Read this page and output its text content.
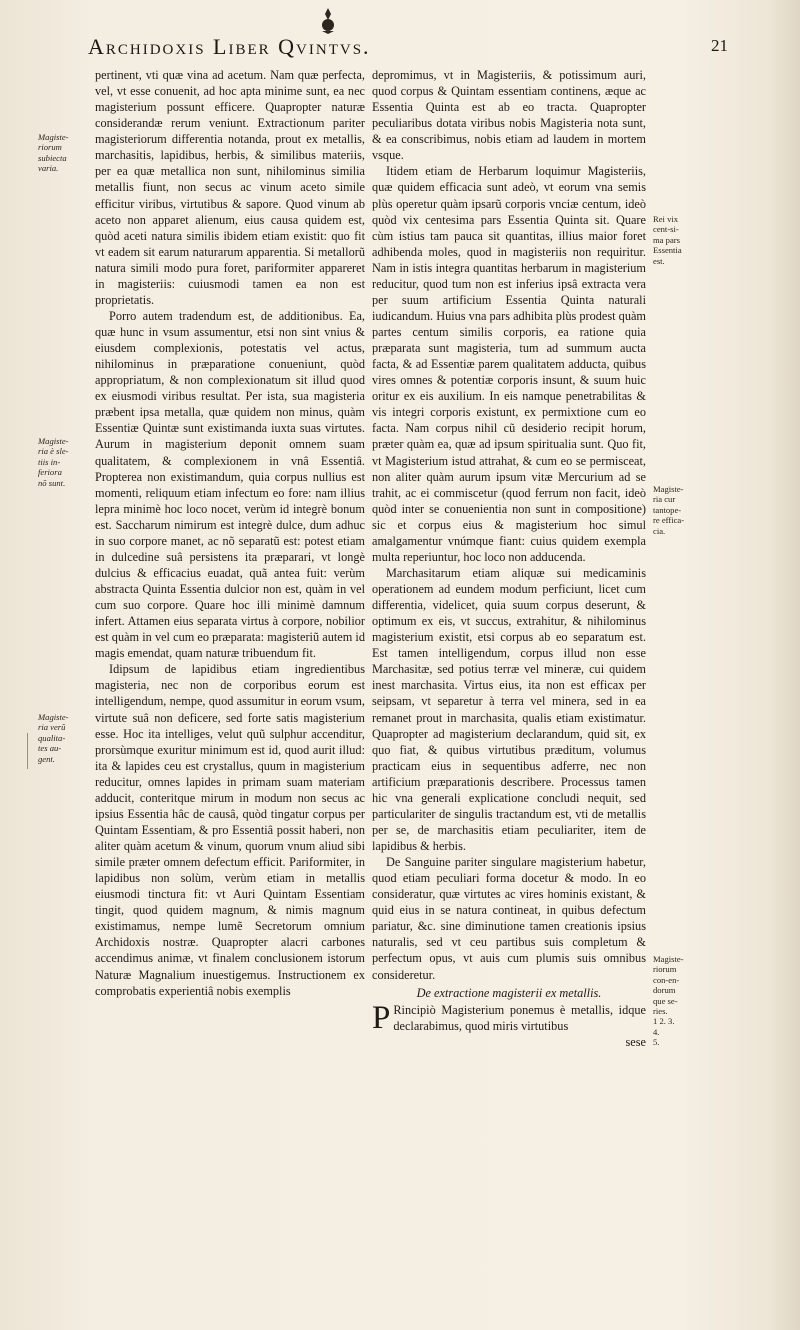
Archidoxis Liber Qvintvs.	21

pertinent, vti quæ vina ad acetum. Nam quæ perfecta, vel, vt esse conuenit, ad hoc apta minime sunt, ea nec magisterium possunt efficere. Quapropter naturæ considerandæ rerum veniunt. Extractionum pariter magisteriorum differentia notanda, prout ex metallis, marchasitis, lapidibus, herbis, & similibus materiis, per ea quæ metallica non sunt, nihilominus similia metallis fiunt, non secus ac vinum aceto simile efficitur viribus, virtutibus & sapore. Quod vinum ab aceto non apparet alienum, eius causa quidem est, quòd aceti natura similis ibidem etiam existit: quo fit vt eadem sit earum naturarum apparentia. Si metallorũ natura simili modo pura foret, pariformiter appareret in magisteriis: cuiusmodi tamen ea non est proprietatis.

Porro autem tradendum est, de additionibus. Ea, quæ hunc in vsum assumentur, etsi non sint vnius & eiusdem complexionis, potestatis vel actus, nihilominus in præparatione conueniunt, quòd appropriatum, & non complexionatum sit illud quod ex eiusmodi viribus resultat. Per ista, sua magisteria præbent ipsa metalla, quæ quidem non minus, quàm Essentiæ Quintæ sunt existimanda iuxta suas virtutes. Aurum in magisterium deponit omnem suam qualitatem, & complexionem in vnâ Essentiâ. Propterea non existimandum, quia corpus nullius est momenti, reliquum etiam infectum eo fore: nam illius lepra minimè hoc loco nocet, verùm id integrè bonum est. Saccharum nimirum est integrè dulce, dum adhuc in suo corpore manet, ac nõ separatũ est: potest etiam in dulcedine suâ persistens ita præparari, vt longè dulcius & efficacius euadat, quã antea fuit: verùm abstracta Quinta Essentia dulcior non est, quàm in vel cum suo corpore. Quare hoc illi minimè damnum infert. Attamen eius separata virtus à corpore, nobilior est quàm in vel cum eo præparata: magisteriũ autem id magis emendat, quam naturæ tribuendum fit.

Idipsum de lapidibus etiam ingredientibus magisteria, nec non de corporibus eorum est intelligendum, nempe, quod assumitur in eorum vsum, virtute suâ non deficere, sed forte satis magisterium esse. Hoc ita intelliges, velut quũ sulphur accenditur, prorsùmque exuritur minimum est id, quod aurit illud: ita & lapides ceu est crystallus, quum in magisterium reducitur, omnes lapides in primam suam materiam adducit, conteritque mirum in modum non secus ac ipsius Essentia hâc de causâ, quòd tingatur corpus per Quintam Essentiam, & pro Essentiâ possit haberi, non aliter quàm acetum & vinum, quorum vnum aliud sibi simile præter omnem defectum efficit. Pariformiter, in lapidibus non solùm, verùm etiam in metallis eiusmodi tinctura fit: vt Auri Quintam Essentiam tingit, quod quidem magnum, & nimis magnum existimamus, nempe lumẽ Secretorum omnium Archidoxis nostræ. Quapropter alacri carbones accendimus animæ, vt finalem conclusionem istorum Naturæ Magnalium inuestigemus. Instructionem ex comprobatis experientiâ nobis exemplis

depromimus, vt in Magisteriis, & potissimum auri, quod corpus & Quintam essentiam continens, æque ac Essentia Quinta est ab eo tracta. Quapropter peculiaribus dotata viribus nobis Magisteria nota sunt, & ea conscribimus, nobis etiam ad laudem in mortem vsque.

Itidem etiam de Herbarum loquimur Magisteriis, quæ quidem efficacia sunt adeò, vt eorum vna semis plùs operetur quàm ipsarũ corporis vnciæ centum, ideò quòd vix centesima pars Essentia Quinta sit. Quare cùm istius tam pauca sit quantitas, illius maior foret adhibenda moles, quod in magisteriis non requiritur. Nam in istis integra quantitas herbarum in magisterium reducitur, quod tum non est inferius ipsâ extracta vera per suum artificium Essentia Quinta naturali iudicandum. Huius vna pars adhibita plùs prodest quàm partes centum similis corporis, ea ratione quia præparata sunt magisteria, tum ad summum aucta facta, & ad Essentiæ parem qualitatem adducta, quibus vires omnes & potentiæ corporis insunt, & suum huic oritur ex eis auxilium. In eis namque penetrabilitas & vis integri corporis existunt, ex permixtione cum eo facta. Nam corpus nihil cũ desiderio recipit horum, præter quàm ea, quæ ad ipsum spiritualia sunt. Quo fit, vt Magisterium istud attrahat, & cum eo se permisceat, non aliter quàm aurum ipsum vitæ Mercurium ad se trahit, ac ei commiscetur (quod ferrum non facit, ideò quòd inter se conuenientia non sunt in compositione) sic et corpus eius & magisterium hoc simul amalgamentur vnúmque fiant: cuius quidem exempla multa reperiuntur, hoc loco non adducenda.

Marchasitarum etiam aliquæ sui medicaminis operationem ad eundem modum perficiunt, licet cum differentia, videlicet, quia suum corpus deserunt, & optimum ex eis, vt succus, extrahitur, & nihilominus magisterium existit, etsi corpus ab eo separatum est. Est tamen intelligendum, corpus illud non esse Marchasitæ, sed potius terræ vel mineræ, cui quidem inest marchasita. Virtus eius, ita non est efficax per seipsam, vt separetur à terra vel minera, sed in ea remanet prout in marchasita, qualis etiam existimatur. Quapropter ad magisterium declarandum, quid sit, ex quo fiat, & quibus virtutibus præditum, volumus practicam eius in sequentibus adferre, nec non artificium præparationis describere. Processus tamen hic vna generali explicatione concludi nequit, sed particulariter de singulis tractandum est, vti de metallis per se, de marchasitis etiam peculiariter, item de lapidibus & herbis.

De Sanguine pariter singulare magisterium habetur, quod etiam peculiari forma docetur & modo. In eo consideratur, quæ virtutes ac vires hominis existant, & quid eius in se natura contineat, in quibus defectum pariatur, &c. sine diminutione tamen creationis ipsius naturalis, sed vt ceu partibus suis completum & perfectum opus, vt auis cum plumis suis omnibus consideretur.

De extractione magisterii ex metallis.

P Rincipiò Magisterium ponemus è metallis, idque declarabimus, quod miris virtutibus

sese

Magiste-
riorum
subiecta
varia.
Magiste-
ria è sle-
tiis in-
feriora
nõ sunt.
Magiste-
ria verũ
qualita-
tes au-
gent.
Rei vix
cent-si-
ma pars
Essentia
est.
Magiste-
ria cur
tantope-
re effica-
cia.
Magiste-
riorum
con-en-
dorum
que se-
ries.
1 2. 3.
4.
5.
